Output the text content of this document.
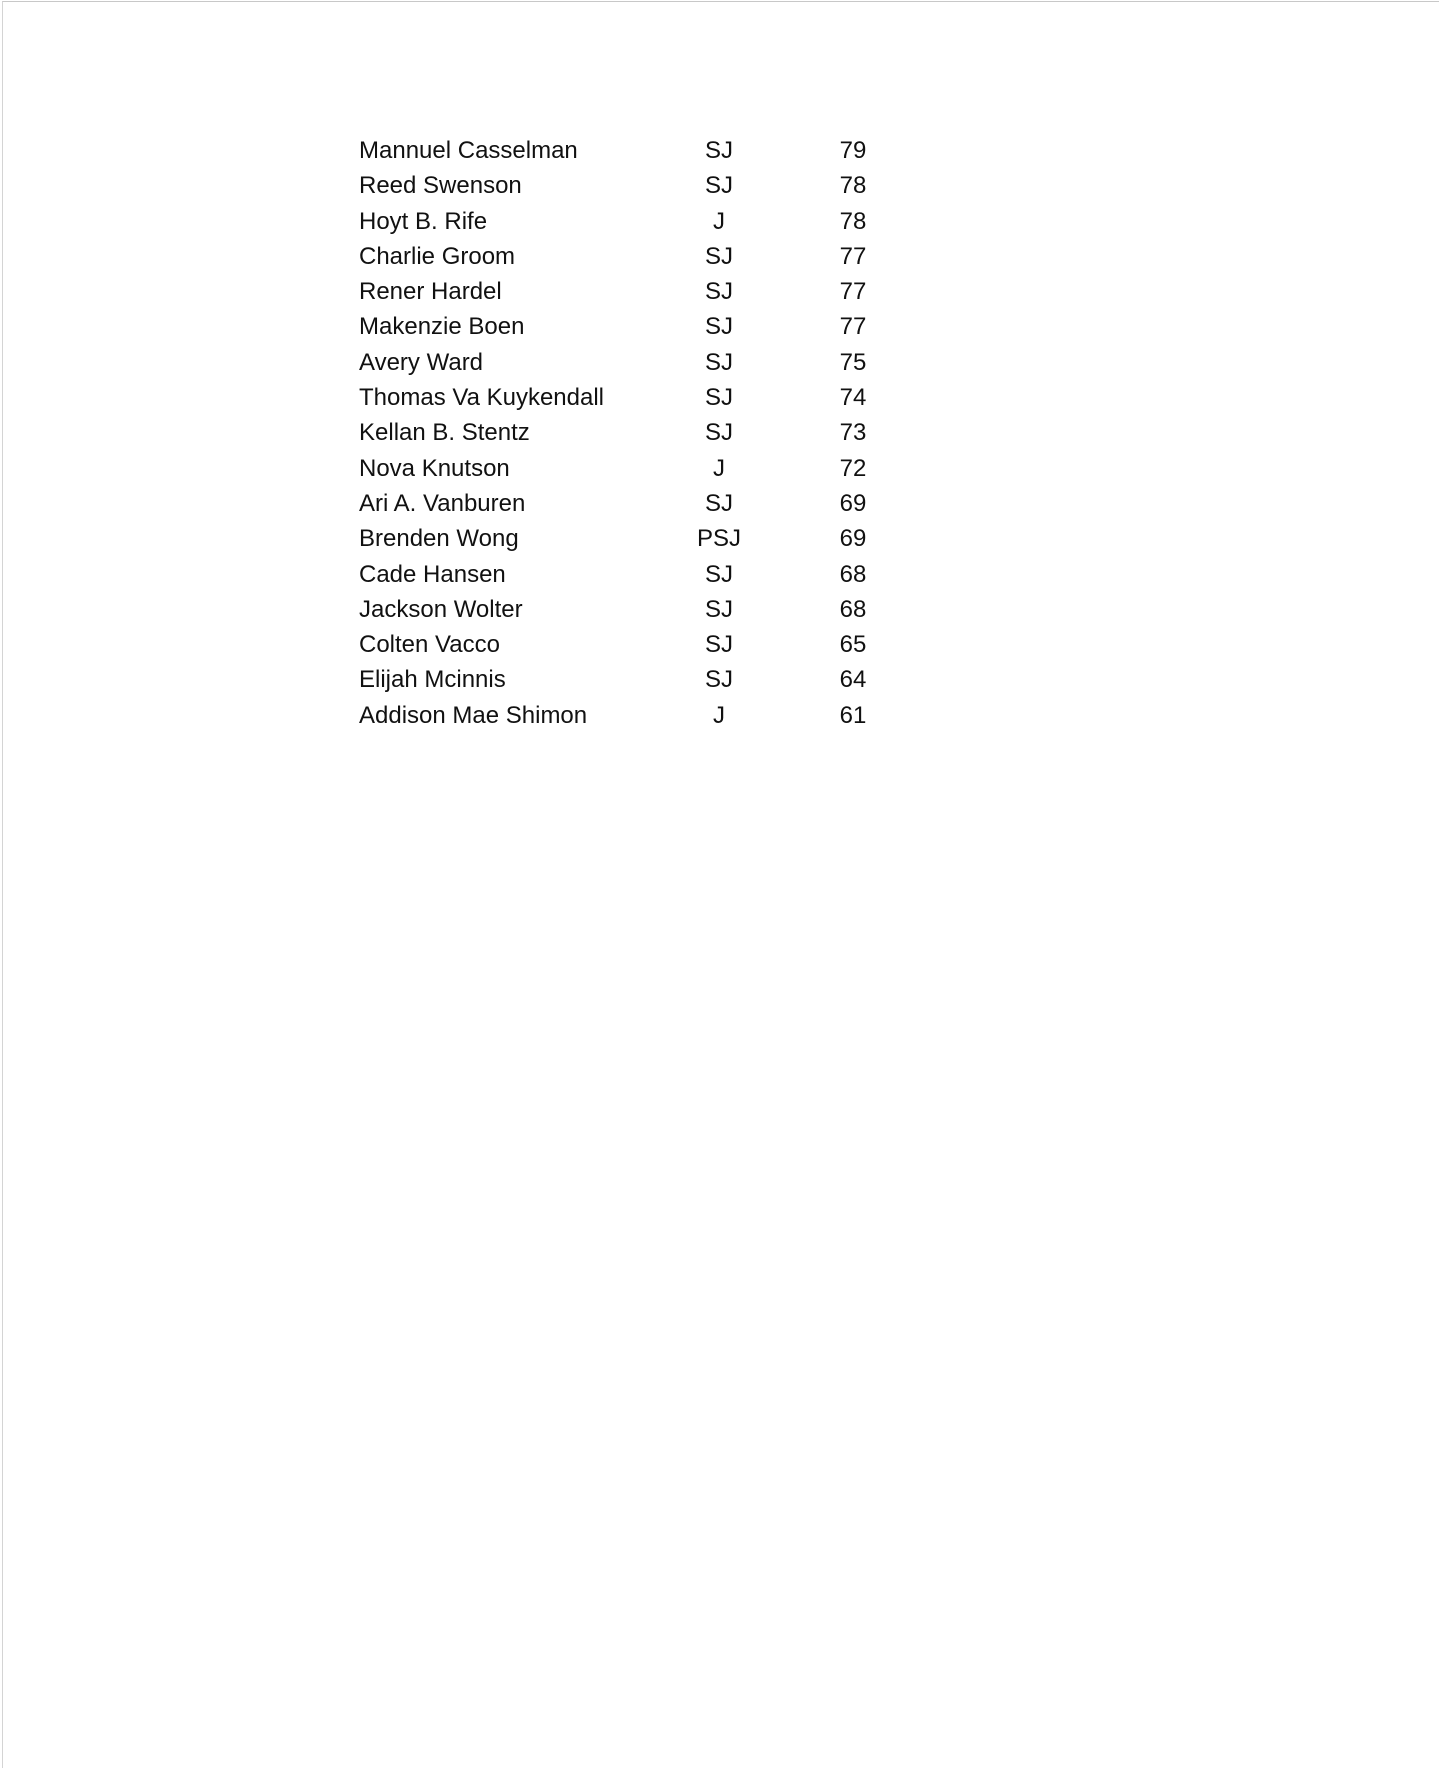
Mannuel Casselman	SJ	79
Reed Swenson	SJ	78
Hoyt B. Rife	J	78
Charlie Groom	SJ	77
Rener Hardel	SJ	77
Makenzie Boen	SJ	77
Avery Ward	SJ	75
Thomas Va Kuykendall	SJ	74
Kellan B. Stentz	SJ	73
Nova Knutson	J	72
Ari A. Vanburen	SJ	69
Brenden Wong	PSJ	69
Cade Hansen	SJ	68
Jackson Wolter	SJ	68
Colten Vacco	SJ	65
Elijah Mcinnis	SJ	64
Addison Mae Shimon	J	61
